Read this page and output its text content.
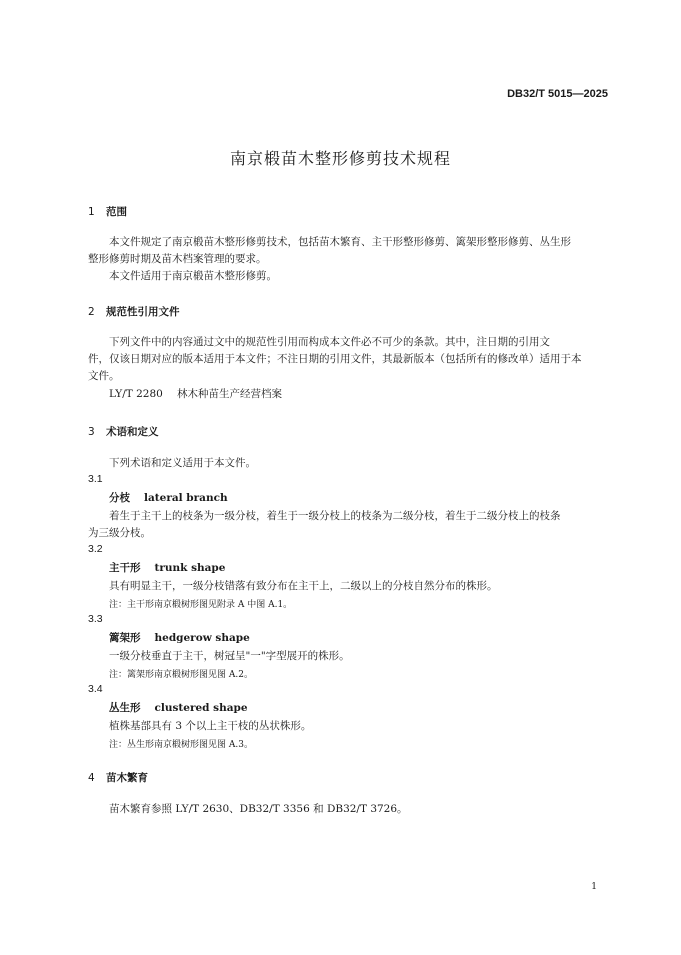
DB32/T 5015—2025
南京椴苗木整形修剪技术规程
1 范围
本文件规定了南京椴苗木整形修剪技术，包括苗木繁育、主干形整形修剪、篱架形整形修剪、丛生形
整形修剪时期及苗木档案管理的要求。
本文件适用于南京椴苗木整形修剪。
2 规范性引用文件
下列文件中的内容通过文中的规范性引用而构成本文件必不可少的条款。其中，注日期的引用文
件，仅该日期对应的版本适用于本文件；不注日期的引用文件，其最新版本（包括所有的修改单）适用于本
文件。
LY/T 2280 林木种苗生产经营档案
3 术语和定义
下列术语和定义适用于本文件。
3.1
分枝 lateral branch
着生于主干上的枝条为一级分枝，着生于一级分枝上的枝条为二级分枝，着生于二级分枝上的枝条
为三级分枝。
3.2
主干形 trunk shape
具有明显主干，一级分枝错落有致分布在主干上，二级以上的分枝自然分布的株形。
注：主干形南京椴树形图见附录 A 中图 A.1。
3.3
篱架形 hedgerow shape
一级分枝垂直于主干，树冠呈"一"字型展开的株形。
注：篱架形南京椴树形图见图 A.2。
3.4
丛生形 clustered shape
植株基部具有 3 个以上主干枝的丛状株形。
注：丛生形南京椴树形图见图 A.3。
4 苗木繁育
苗木繁育参照 LY/T 2630、DB32/T 3356 和 DB32/T 3726。
1
